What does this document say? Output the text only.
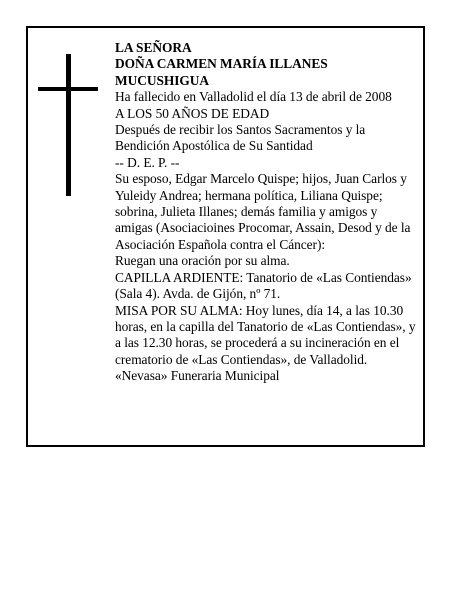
LA SEÑORA
DOÑA CARMEN MARÍA ILLANES
MUCUSHIGUA
Ha fallecido en Valladolid el día 13 de abril de 2008
A LOS 50 AÑOS DE EDAD
Después de recibir los Santos Sacramentos y la
Bendición Apostólica de Su Santidad
-- D. E. P. --
Su esposo, Edgar Marcelo Quispe; hijos, Juan Carlos y
Yuleidy Andrea; hermana política, Liliana Quispe;
sobrina, Julieta Illanes; demás familia y amigos y
amigas (Asociacioines Procomar, Assain, Desod y de la
Asociación Española contra el Cáncer):
Ruegan una oración por su alma.
CAPILLA ARDIENTE: Tanatorio de «Las Contiendas»
(Sala 4). Avda. de Gijón, nº 71.
MISA POR SU ALMA: Hoy lunes, día 14, a las 10.30
horas, en la capilla del Tanatorio de «Las Contiendas», y
a las 12.30 horas, se procederá a su incineración en el
crematorio de «Las Contiendas», de Valladolid.
«Nevasa» Funeraria Municipal
